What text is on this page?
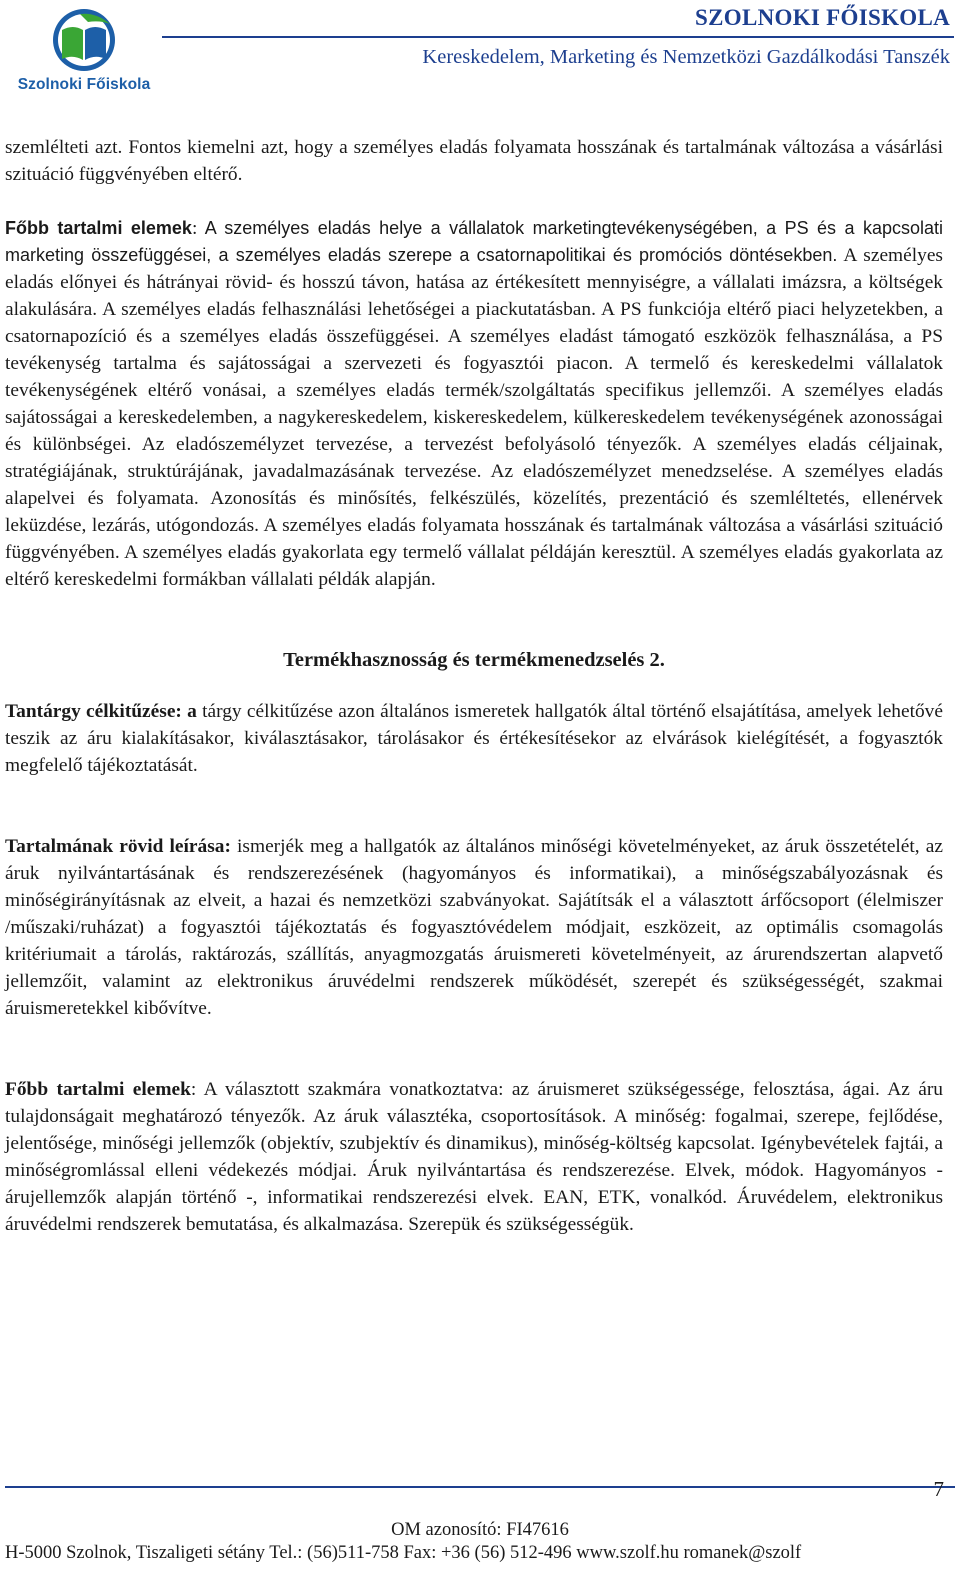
Szolnoki Főiskola
SZOLNOKI FŐISKOLA
Kereskedelem, Marketing és Nemzetközi Gazdálkodási Tanszék

szemlélteti azt. Fontos kiemelni azt, hogy a személyes eladás folyamata hosszának és tartalmának változása a vásárlási szituáció függvényében eltérő.

Főbb tartalmi elemek: A személyes eladás helye a vállalatok marketingtevékenységében, a PS és a kapcsolati marketing összefüggései, a személyes eladás szerepe a csatornapolitikai és promóciós döntésekben. A személyes eladás előnyei és hátrányai rövid- és hosszú távon, hatása az értékesített mennyiségre, a vállalati imázsra, a költségek alakulására. A személyes eladás felhasználási lehetőségei a piackutatásban. A PS funkciója eltérő piaci helyzetekben, a csatornapozíció és a személyes eladás összefüggései. A személyes eladást támogató eszközök felhasználása, a PS tevékenység tartalma és sajátosságai a szervezeti és fogyasztói piacon. A termelő és kereskedelmi vállalatok tevékenységének eltérő vonásai, a személyes eladás termék/szolgáltatás specifikus jellemzői. A személyes eladás sajátosságai a kereskedelemben, a nagykereskedelem, kiskereskedelem, külkereskedelem tevékenységének azonosságai és különbségei. Az eladószemélyzet tervezése, a tervezést befolyásoló tényezők. A személyes eladás céljainak, stratégiájának, struktúrájának, javadalmazásának tervezése. Az eladószemélyzet menedzselése. A személyes eladás alapelvei és folyamata. Azonosítás és minősítés, felkészülés, közelítés, prezentáció és szemléltetés, ellenérvek leküzdése, lezárás, utógondozás. A személyes eladás folyamata hosszának és tartalmának változása a vásárlási szituáció függvényében. A személyes eladás gyakorlata egy termelő vállalat példáján keresztül. A személyes eladás gyakorlata az eltérő kereskedelmi formákban vállalati példák alapján.

Termékhasznosság és termékmenedzselés 2.

Tantárgy célkitűzése: a tárgy célkitűzése azon általános ismeretek hallgatók által történő elsajátítása, amelyek lehetővé teszik az áru kialakításakor, kiválasztásakor, tárolásakor és értékesítésekor az elvárások kielégítését, a fogyasztók megfelelő tájékoztatását.

Tartalmának rövid leírása: ismerjék meg a hallgatók az általános minőségi követelményeket, az áruk összetételét, az áruk nyilvántartásának és rendszerezésének (hagyományos és informatikai), a minőségszabályozásnak és minőségirányításnak az elveit, a hazai és nemzetközi szabványokat. Sajátítsák el a választott árfőcsoport (élelmiszer /műszaki/ruházat) a fogyasztói tájékoztatás és fogyasztóvédelem módjait, eszközeit, az optimális csomagolás kritériumait a tárolás, raktározás, szállítás, anyagmozgatás áruismereti követelményeit, az árurendszertan alapvető jellemzőit, valamint az elektronikus áruvédelmi rendszerek működését, szerepét és szükségességét, szakmai áruismeretekkel kibővítve.

Főbb tartalmi elemek: A választott szakmára vonatkoztatva: az áruismeret szükségessége, felosztása, ágai. Az áru tulajdonságait meghatározó tényezők. Az áruk választéka, csoportosítások. A minőség: fogalmai, szerepe, fejlődése, jelentősége, minőségi jellemzők (objektív, szubjektív és dinamikus), minőség-költség kapcsolat. Igénybevételek fajtái, a minőségromlással elleni védekezés módjai. Áruk nyilvántartása és rendszerezése. Elvek, módok. Hagyományos - árujellemzők alapján történő -, informatikai rendszerezési elvek. EAN, ETK, vonalkód. Áruvédelem, elektronikus áruvédelmi rendszerek bemutatása, és alkalmazása. Szerepük és szükségességük.

7
OM azonosító: FI47616
H-5000 Szolnok, Tiszaligeti sétány Tel.: (56)511-758 Fax: +36 (56) 512-496 www.szolf.hu romanek@szolf
